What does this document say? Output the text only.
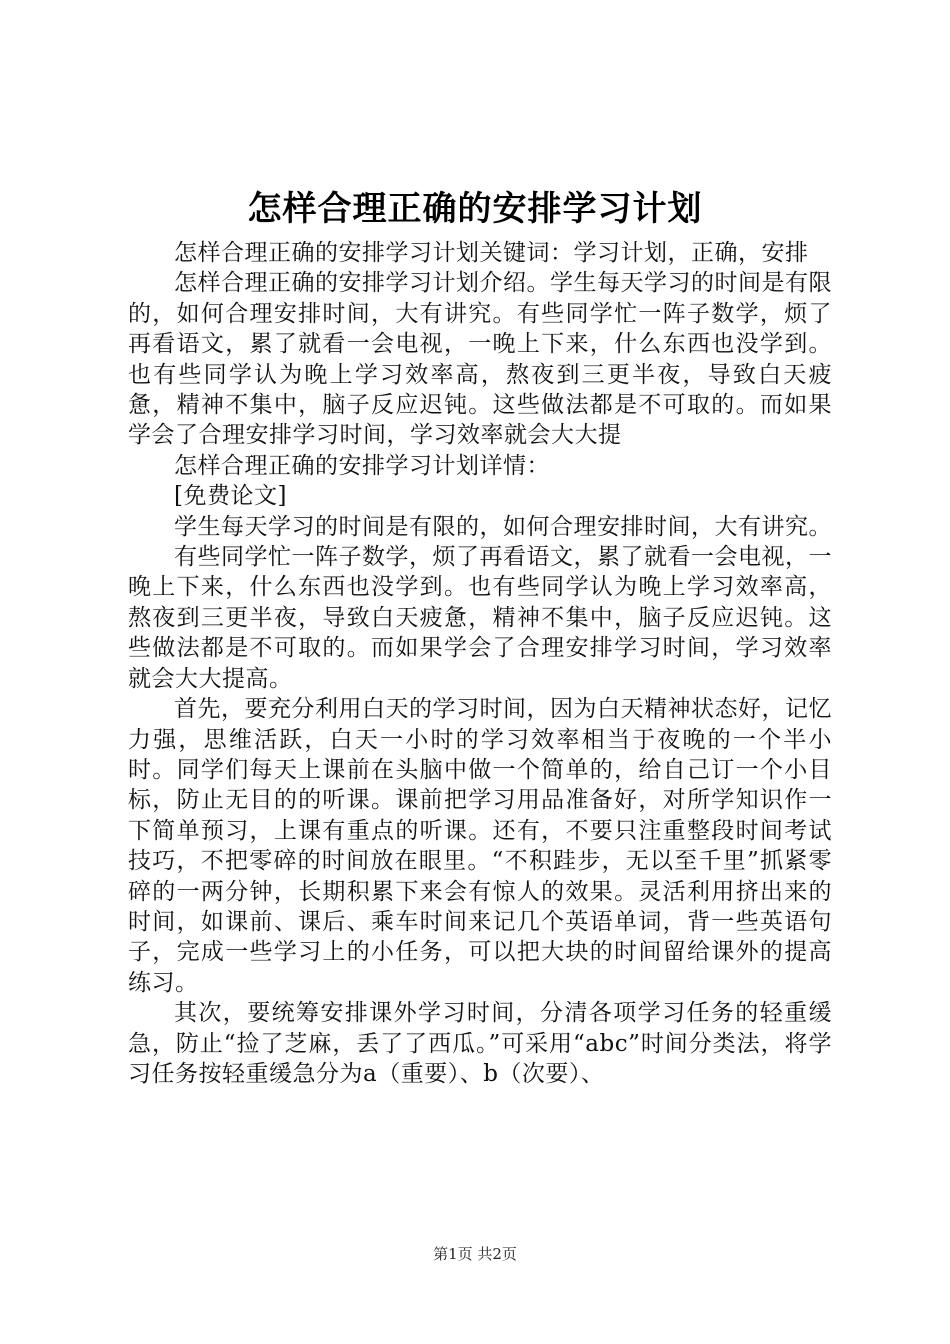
怎样合理正确的安排学习计划

怎样合理正确的安排学习计划关键词：学习计划，正确，安排

怎样合理正确的安排学习计划介绍。学生每天学习的时间是有限的，如何合理安排时间，大有讲究。有些同学忙一阵子数学，烦了再看语文，累了就看一会电视，一晚上下来，什么东西也没学到。也有些同学认为晚上学习效率高，熬夜到三更半夜，导致白天疲惫，精神不集中，脑子反应迟钝。这些做法都是不可取的。而如果学会了合理安排学习时间，学习效率就会大大提

怎样合理正确的安排学习计划详情：

[免费论文]

学生每天学习的时间是有限的，如何合理安排时间，大有讲究。

有些同学忙一阵子数学，烦了再看语文，累了就看一会电视，一晚上下来，什么东西也没学到。也有些同学认为晚上学习效率高，熬夜到三更半夜，导致白天疲惫，精神不集中，脑子反应迟钝。这些做法都是不可取的。而如果学会了合理安排学习时间，学习效率就会大大提高。

首先，要充分利用白天的学习时间，因为白天精神状态好，记忆力强，思维活跃，白天一小时的学习效率相当于夜晚的一个半小时。同学们每天上课前在头脑中做一个简单的，给自己订一个小目标，防止无目的的听课。课前把学习用品准备好，对所学知识作一下简单预习，上课有重点的听课。还有，不要只注重整段时间考试技巧，不把零碎的时间放在眼里。“不积跬步，无以至千里”抓紧零碎的一两分钟，长期积累下来会有惊人的效果。灵活利用挤出来的时间，如课前、课后、乘车时间来记几个英语单词，背一些英语句子，完成一些学习上的小任务，可以把大块的时间留给课外的提高练习。

其次，要统筹安排课外学习时间，分清各项学习任务的轻重缓急，防止“捡了芝麻，丢了了西瓜。”可采用“abc”时间分类法，将学习任务按轻重缓急分为a（重要）、b（次要）、

第1页 共2页
